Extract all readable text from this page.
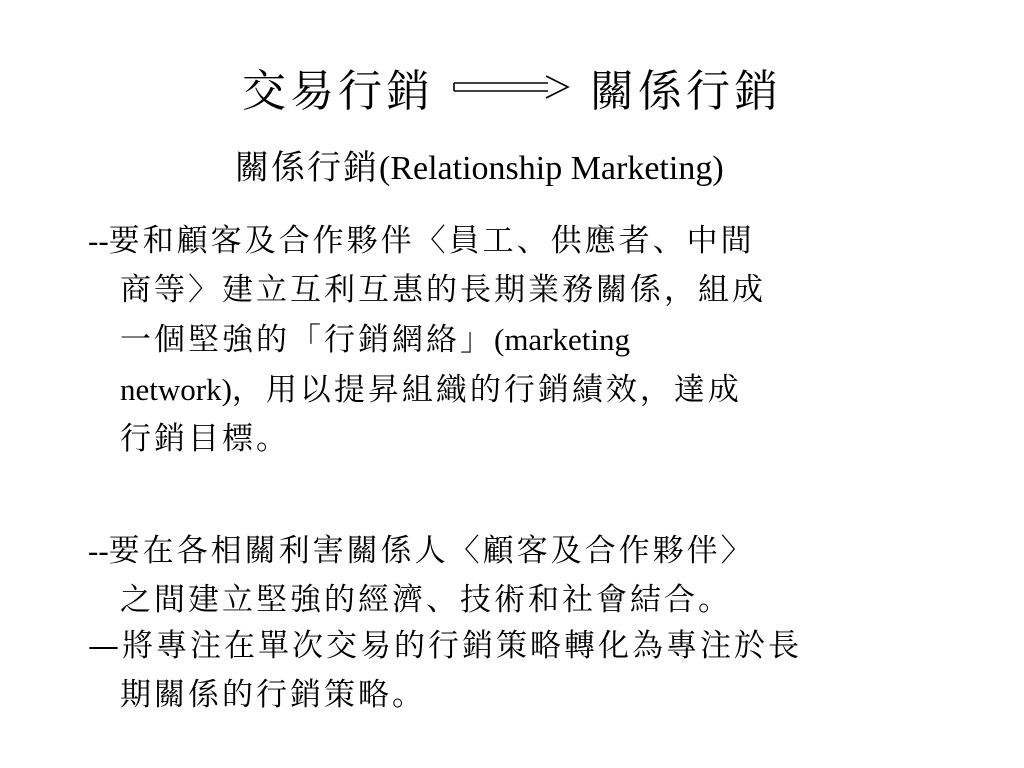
交易行銷	關係行銷
關係行銷(Relationship Marketing)
--要和顧客及合作夥伴〈員工、供應者、中間
商等〉建立互利互惠的長期業務關係，組成
一個堅強的「行銷網絡」(marketing
network)，用以提昇組織的行銷績效，達成
行銷目標。
--要在各相關利害關係人〈顧客及合作夥伴〉
之間建立堅強的經濟、技術和社會結合。
—將專注在單次交易的行銷策略轉化為專注於長
期關係的行銷策略。
